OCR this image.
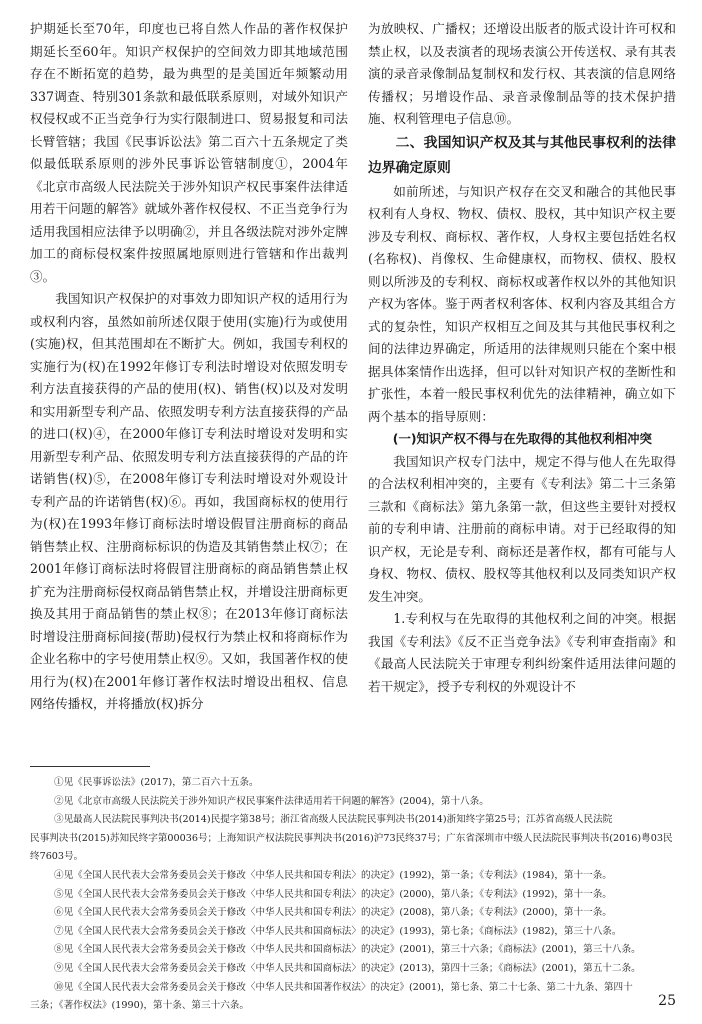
护期延长至70年，印度也已将自然人作品的著作权保护期延长至60年。知识产权保护的空间效力即其地域范围存在不断拓宽的趋势，最为典型的是美国近年频繁动用337调查、特别301条款和最低联系原则，对域外知识产权侵权或不正当竞争行为实行限制进口、贸易报复和司法长臂管辖；我国《民事诉讼法》第二百六十五条规定了类似最低联系原则的涉外民事诉讼管辖制度①，2004年《北京市高级人民法院关于涉外知识产权民事案件法律适用若干问题的解答》就域外著作权侵权、不正当竞争行为适用我国相应法律予以明确②，并且各级法院对涉外定牌加工的商标侵权案件按照属地原则进行管辖和作出裁判③。

我国知识产权保护的对事效力即知识产权的适用行为或权利内容，虽然如前所述仅限于使用(实施)行为或使用(实施)权，但其范围却在不断扩大。例如，我国专利权的实施行为(权)在1992年修订专利法时增设对依照发明专利方法直接获得的产品的使用(权)、销售(权)以及对发明和实用新型专利产品、依照发明专利方法直接获得的产品的进口(权)④，在2000年修订专利法时增设对发明和实用新型专利产品、依照发明专利方法直接获得的产品的许诺销售(权)⑤，在2008年修订专利法时增设对外观设计专利产品的许诺销售(权)⑥。再如，我国商标权的使用行为(权)在1993年修订商标法时增设假冒注册商标的商品销售禁止权、注册商标标识的伪造及其销售禁止权⑦；在2001年修订商标法时将假冒注册商标的商品销售禁止权扩充为注册商标侵权商品销售禁止权，并增设注册商标更换及其用于商品销售的禁止权⑧；在2013年修订商标法时增设注册商标间接(帮助)侵权行为禁止权和将商标作为企业名称中的字号使用禁止权⑨。又如，我国著作权的使用行为(权)在2001年修订著作权法时增设出租权、信息网络传播权，并将播放(权)拆分

为放映权、广播权；还增设出版者的版式设计许可权和禁止权，以及表演者的现场表演公开传送权、录有其表演的录音录像制品复制权和发行权、其表演的信息网络传播权；另增设作品、录音录像制品等的技术保护措施、权利管理电子信息⑩。

二、我国知识产权及其与其他民事权利的法律边界确定原则

如前所述，与知识产权存在交叉和融合的其他民事权利有人身权、物权、债权、股权，其中知识产权主要涉及专利权、商标权、著作权，人身权主要包括姓名权(名称权)、肖像权、生命健康权，而物权、债权、股权则以所涉及的专利权、商标权或著作权以外的其他知识产权为客体。鉴于两者权利客体、权利内容及其组合方式的复杂性，知识产权相互之间及其与其他民事权利之间的法律边界确定，所适用的法律规则只能在个案中根据具体案情作出选择，但可以针对知识产权的垄断性和扩张性，本着一般民事权利优先的法律精神，确立如下两个基本的指导原则：

(一)知识产权不得与在先取得的其他权利相冲突

我国知识产权专门法中，规定不得与他人在先取得的合法权利相冲突的，主要有《专利法》第二十三条第三款和《商标法》第九条第一款，但这些主要针对授权前的专利申请、注册前的商标申请。对于已经取得的知识产权，无论是专利、商标还是著作权，都有可能与人身权、物权、债权、股权等其他权利以及同类知识产权发生冲突。

1.专利权与在先取得的其他权利之间的冲突。根据我国《专利法》《反不正当竞争法》《专利审查指南》和《最高人民法院关于审理专利纠纷案件适用法律问题的若干规定》，授予专利权的外观设计不

①见《民事诉讼法》(2017)，第二百六十五条。

②见《北京市高级人民法院关于涉外知识产权民事案件法律适用若干问题的解答》(2004)，第十八条。

③见最高人民法院民事判决书(2014)民提字第38号；浙江省高级人民法院民事判决书(2014)浙知终字第25号；江苏省高级人民法院

民事判决书(2015)苏知民终字第00036号；上海知识产权法院民事判决书(2016)沪73民终37号；广东省深圳市中级人民法院民事判决书(2016)粤03民终7603号。

④见《全国人民代表大会常务委员会关于修改〈中华人民共和国专利法〉的决定》(1992)，第一条；《专利法》(1984)，第十一条。

⑤见《全国人民代表大会常务委员会关于修改〈中华人民共和国专利法〉的决定》(2000)，第八条；《专利法》(1992)，第十一条。

⑥见《全国人民代表大会常务委员会关于修改〈中华人民共和国专利法〉的决定》(2008)，第八条；《专利法》(2000)，第十一条。

⑦见《全国人民代表大会常务委员会关于修改〈中华人民共和国商标法〉的决定》(1993)，第七条；《商标法》(1982)，第三十八条。

⑧见《全国人民代表大会常务委员会关于修改〈中华人民共和国商标法〉的决定》(2001)，第三十六条；《商标法》(2001)，第三十八条。

⑨见《全国人民代表大会常务委员会关于修改〈中华人民共和国商标法〉的决定》(2013)，第四十三条；《商标法》(2001)，第五十二条。

⑩见《全国人民代表大会常务委员会关于修改〈中华人民共和国著作权法〉的决定》(2001)，第七条、第二十七条、第二十九条、第四十

三条；《著作权法》(1990)，第十条、第三十六条。	25
